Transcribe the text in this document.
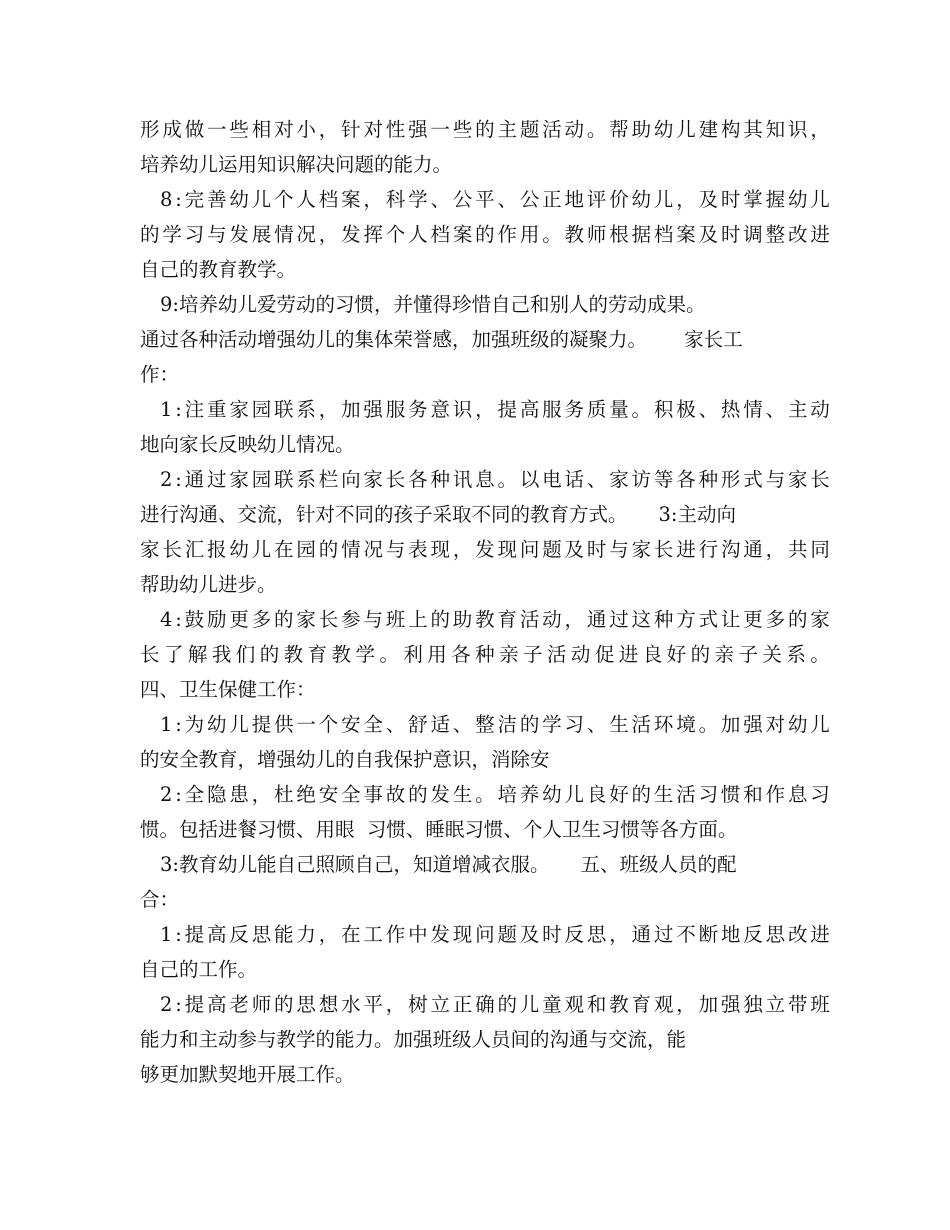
形 成 做 一 些 相 对 小 ， 针 对 性 强 一 些 的 主 题 活 动 。 帮 助 幼 儿 建 构 其 知 识 ，
培养幼儿运用知识解决问题的能力。
8 : 完 善 幼 儿 个 人 档 案 ， 科 学 、 公 平 、 公 正 地 评 价 幼 儿 ， 及 时 掌 握 幼 儿
的 学 习 与 发 展 情 况 ， 发 挥 个 人 档 案 的 作 用 。 教 师 根 据 档 案 及 时 调 整 改 进
自己的教育教学。
9:培养幼儿爱劳动的习惯，并懂得珍惜自己和别人的劳动成果。
通过各种活动增强幼儿的集体荣誉感，加强班级的凝聚力。      家长工
作：
1 : 注 重 家 园 联 系 ， 加 强 服 务 意 识 ， 提 高 服 务 质 量 。 积 极 、 热 情 、 主 动
地向家长反映幼儿情况。
2 : 通 过 家 园 联 系 栏 向 家 长 各 种 讯 息 。 以 电 话 、 家 访 等 各 种 形 式 与 家 长
进行沟通、交流，针对不同的孩子采取不同的教育方式。     3:主动向
家 长 汇 报 幼 儿 在 园 的 情 况 与 表 现 ， 发 现 问 题 及 时 与 家 长 进 行 沟 通 ， 共 同
帮助幼儿进步。
4 : 鼓 励 更 多 的 家 长 参 与 班 上 的 助 教 育 活 动 ， 通 过 这 种 方 式 让 更 多 的 家
长 了 解 我 们 的 教 育 教 学 。 利 用 各 种 亲 子 活 动 促 进 良 好 的 亲 子 关 系 。
四、卫生保健工作：
1 : 为 幼 儿 提 供 一 个 安 全 、 舒 适 、 整 洁 的 学 习 、 生 活 环 境 。 加 强 对 幼 儿
的安全教育，增强幼儿的自我保护意识，消除安
2 : 全 隐 患 ， 杜 绝 安 全 事 故 的 发 生 。 培 养 幼 儿 良 好 的 生 活 习 惯 和 作 息 习
惯。包括进餐习惯、用眼  习惯、睡眠习惯、个人卫生习惯等各方面。
3:教育幼儿能自己照顾自己，知道增减衣服。     五、班级人员的配
合：
1 : 提 高 反 思 能 力 ， 在 工 作 中 发 现 问 题 及 时 反 思 ， 通 过 不 断 地 反 思 改 进
自己的工作。
2 : 提 高 老 师 的 思 想 水 平 ， 树 立 正 确 的 儿 童 观 和 教 育 观 ， 加 强 独 立 带 班
能力和主动参与教学的能力。加强班级人员间的沟通与交流，能
够更加默契地开展工作。
